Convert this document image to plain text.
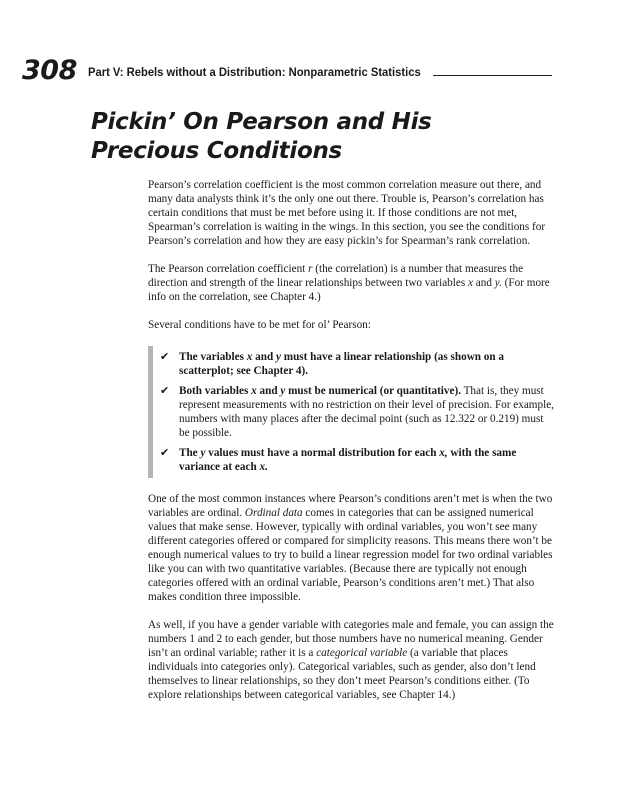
308 Part V: Rebels without a Distribution: Nonparametric Statistics
Pickin’ On Pearson and His
Precious Conditions

Pearson’s correlation coefficient is the most common correlation measure out there, and many data analysts think it’s the only one out there. Trouble is, Pearson’s correlation has certain conditions that must be met before using it. If those conditions are not met, Spearman’s correlation is waiting in the wings. In this section, you see the conditions for Pearson’s correlation and how they are easy pickin’s for Spearman’s rank correlation.

The Pearson correlation coefficient r (the correlation) is a number that measures the direction and strength of the linear relationships between two variables x and y. (For more info on the correlation, see Chapter 4.)

Several conditions have to be met for ol’ Pearson:

✔ The variables x and y must have a linear relationship (as shown on a scatterplot; see Chapter 4).
✔ Both variables x and y must be numerical (or quantitative). That is, they must represent measurements with no restriction on their level of precision. For example, numbers with many places after the decimal point (such as 12.322 or 0.219) must be possible.
✔ The y values must have a normal distribution for each x, with the same variance at each x.

One of the most common instances where Pearson’s conditions aren’t met is when the two variables are ordinal. Ordinal data comes in categories that can be assigned numerical values that make sense. However, typically with ordinal variables, you won’t see many different categories offered or compared for simplicity reasons. This means there won’t be enough numerical values to try to build a linear regression model for two ordinal variables like you can with two quantitative variables. (Because there are typically not enough categories offered with an ordinal variable, Pearson’s conditions aren’t met.) That also makes condition three impossible.

As well, if you have a gender variable with categories male and female, you can assign the numbers 1 and 2 to each gender, but those numbers have no numerical meaning. Gender isn’t an ordinal variable; rather it is a categorical variable (a variable that places individuals into categories only). Categorical variables, such as gender, also don’t lend themselves to linear relationships, so they don’t meet Pearson’s conditions either. (To explore relationships between categorical variables, see Chapter 14.)
